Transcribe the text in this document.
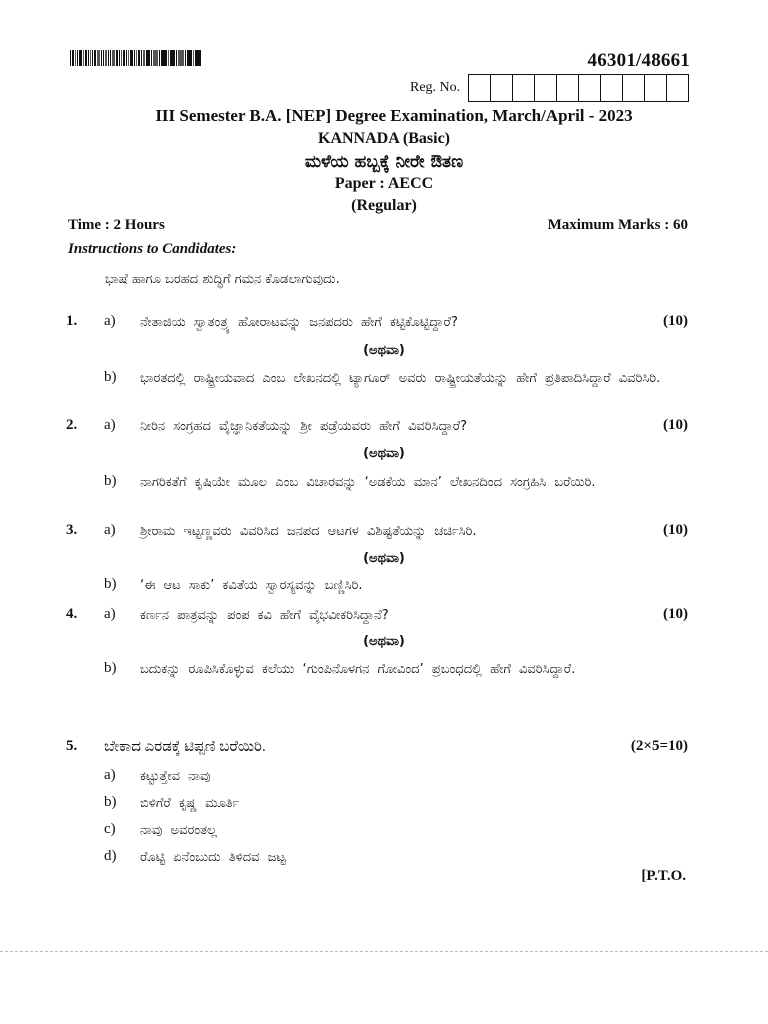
46301/48661
Reg. No.
III Semester B.A. [NEP] Degree Examination, March/April - 2023
KANNADA (Basic)
ಮಳೆಯ ಹಬ್ಬಕ್ಕೆ ನೀರೇ ಔತಣ
Paper : AECC
(Regular)
Time : 2 Hours	Maximum Marks : 60
Instructions to Candidates:
ಭಾಷೆ ಹಾಗೂ ಬರಹದ ಶುದ್ಧಿಗೆ ಗಮನ ಕೊಡಲಾಗುವುದು.
1. a) ನೇತಾಜಿಯ ಸ್ವಾತಂತ್ರ್ಯ ಹೋರಾಟವನ್ನು ಜನಪದರು ಹೇಗೆ ಕಟ್ಟಿಕೊಟ್ಟಿದ್ದಾರೆ?	(10)
(ಅಥವಾ)
b) ಭಾರತದಲ್ಲಿ ರಾಷ್ಟ್ರೀಯವಾದ ಎಂಬ ಲೇಖನದಲ್ಲಿ ಟ್ಯಾಗೂರ್ ಅವರು ರಾಷ್ಟ್ರೀಯತೆಯನ್ನು ಹೇಗೆ ಪ್ರತಿಪಾದಿಸಿದ್ದಾರೆ ವಿವರಿಸಿರಿ.
2. a) ನೀರಿನ ಸಂಗ್ರಹದ ವೈಜ್ಞಾನಿಕತೆಯನ್ನು ಶ್ರೀ ಪಡ್ರೆಯವರು ಹೇಗೆ ವಿವರಿಸಿದ್ದಾರೆ?	(10)
(ಅಥವಾ)
b) ನಾಗರಿಕತೆಗೆ ಕೃಷಿಯೇ ಮೂಲ ಎಂಬ ವಿಚಾರವನ್ನು ‘ಅಡಕೆಯ ಮಾನ’ ಲೇಖನದಿಂದ ಸಂಗ್ರಹಿಸಿ ಬರೆಯಿರಿ.
3. a) ಶ್ರೀರಾಮ ಇಟ್ಟಣ್ಣವರು ವಿವರಿಸಿದ ಜನಪದ ಆಟಗಳ ವಿಶಿಷ್ಟತೆಯನ್ನು ಚರ್ಚಿಸಿರಿ.	(10)
(ಅಥವಾ)
b) ‘ಈ ಆಟ ಸಾಕು’ ಕವಿತೆಯ ಸ್ವಾರಸ್ಯವನ್ನು ಬಣ್ಣಿಸಿರಿ.
4. a) ಕರ್ಣನ ಪಾತ್ರವನ್ನು ಪಂಪ ಕವಿ ಹೇಗೆ ವೈಭವೀಕರಿಸಿದ್ದಾನೆ?	(10)
(ಅಥವಾ)
b) ಬದುಕನ್ನು ರೂಪಿಸಿಕೊಳ್ಳುವ ಕಲೆಯು ‘ಗುಂಪಿನೊಳಗನ ಗೋವಿಂದ’ ಪ್ರಬಂಧದಲ್ಲಿ ಹೇಗೆ ವಿವರಿಸಿದ್ದಾರೆ.
5. ಬೇಕಾದ ಎರಡಕ್ಕೆ ಟಿಪ್ಪಣಿ ಬರೆಯಿರಿ.	(2×5=10)
a) ಕಟ್ಟುತ್ತೇವ ನಾವು
b) ಬಿಳಿಗೆರೆ ಕೃಷ್ಣ ಮೂರ್ತಿ
c) ನಾವು ಅವರಂತಲ್ಲ
d) ರೊಟ್ಟಿ ಏನೆಂಬುದು ತಿಳಿದವ ಜಟ್ಟ
[P.T.O.
